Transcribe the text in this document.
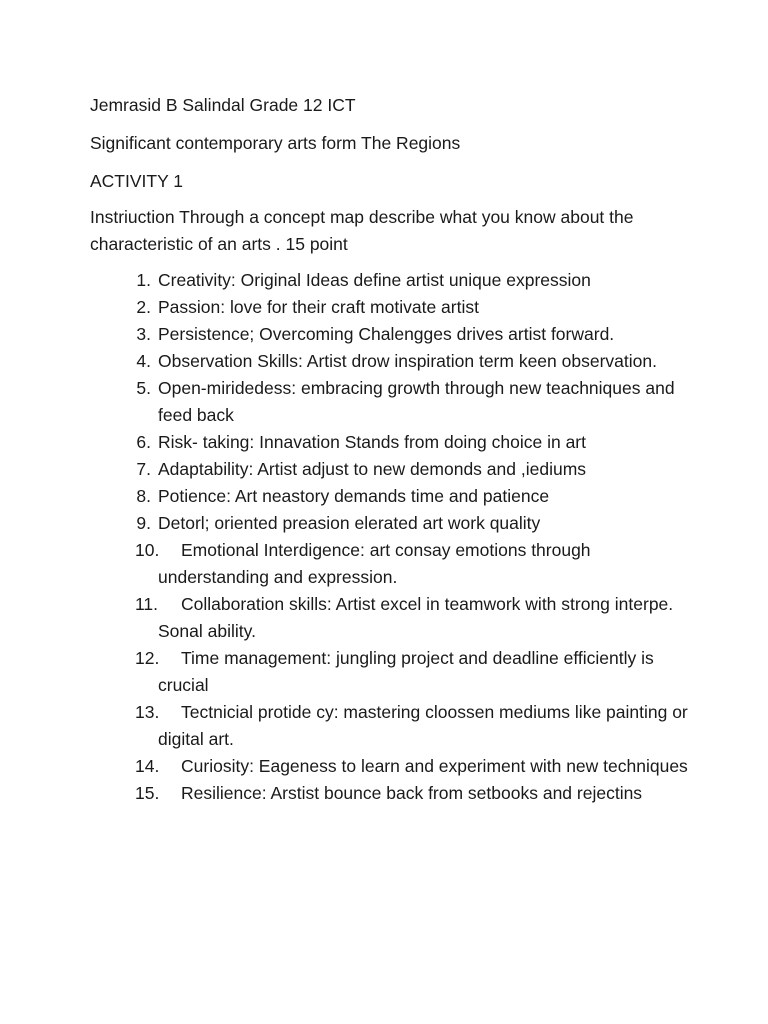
Jemrasid B Salindal Grade 12 ICT

Significant contemporary arts form The Regions

ACTIVITY 1

Instriuction Through a concept map describe what you know about the characteristic of an arts . 15 point

1. Creativity: Original Ideas define artist unique expression
2. Passion: love for their craft motivate artist
3. Persistence; Overcoming Chalengges drives artist forward.
4. Observation Skills: Artist drow inspiration term keen observation.
5. Open-miridedess: embracing growth through new teachniques and feed back
6. Risk- taking: Innavation Stands from doing choice in art
7. Adaptability: Artist adjust to new demonds and ,iediums
8. Potience: Art neastory demands time and patience
9. Detorl; oriented preasion elerated art work quality
10.	Emotional Interdigence: art consay emotions through understanding and expression.
11.	Collaboration skills: Artist excel in teamwork with strong interpe. Sonal ability.
12.	Time management: jungling project and deadline efficiently is crucial
13.	Tectnicial protide cy: mastering cloossen mediums like painting or digital art.
14.	Curiosity: Eageness to learn and experiment with new techniques
15.	Resilience: Arstist bounce back from setbooks and rejectins
